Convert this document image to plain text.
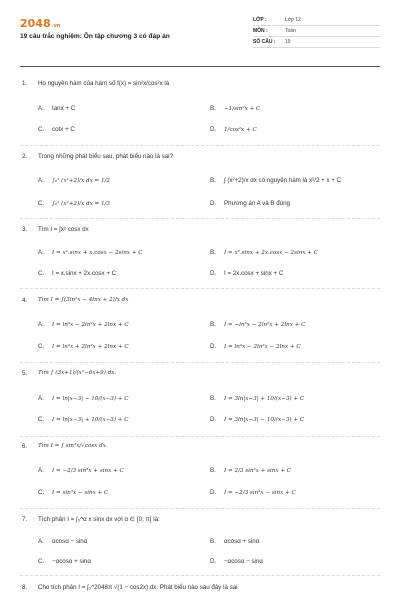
2048.vn
19 câu trắc nghiệm: Ôn tập chương 3 có đáp án
LỚP :	Lớp 12
MÔN :	Toán
SỐ CÂU :	19
1.	Họ nguyên hàm của hàm số f(x) = sin²x/cos²x là
A. tanx + C	B. −1/sin²x + C
C. cotx + C	D. 1/cos²x + C
2.	Trong những phát biểu sau, phát biểu nào là sai?
A. ∫₀¹ (x²+2)/x dx = 1/2	B. ∫ (x²+2)/x dx có nguyên hàm là x²/2 + x + C
C. ∫₀¹ (x²+2)/x dx = 1/3	D. Phương án A và B đúng
3.	Tìm I = ∫x² cosx dx
A. I = x².sinx + x.cosx − 2sinx + C	B. I = x².sinx + 2x.cosx − 2sinx + C
C. I = x.sinx + 2x.cosx + C	D. I = 2x.cosx + sinx + C
4.	Tìm I = ∫(3ln²x − 4lnx + 2)/x dx
A. I = ln³x − 2ln²x + 2lnx + C	B. I = −ln³x − 2ln²x + 2lnx + C
C. I = ln³x + 2ln²x + 2lnx + C	D. I = ln³x − 2ln²x − 2lnx + C
5.	Tìm ∫ (3x+1)/(x²−6x+9) dx.
A. I = ln|x−3| − 10/(x−3) + C	B. I = 3ln|x−3| + 10/(x−3) + C
C. I = ln|x−3| + 10/(x−3) + C	D. I = 3ln|x−3| − 10/(x−3) + C
6.	Tìm I = ∫ sin³x/√cosx dx.
A. I = −2/3 sin³x + sinx + C	B. I = 2/3 sin³x + sinx + C
C. I = sin³x − sinx + C	D. I = −2/3 sin³x − sinx + C
7.	Tích phân I = ∫₀^α x sinx dx với α ∈ [0; π] là:
A. αcosα − sinα	B. αcosα + sinα
C. −αcosα + sinα	D. −αcosα − sinα
8.	Cho tích phân I = ∫₀^2048π √(1 − cos2x) dx. Phát biểu nào sau đây là sai
